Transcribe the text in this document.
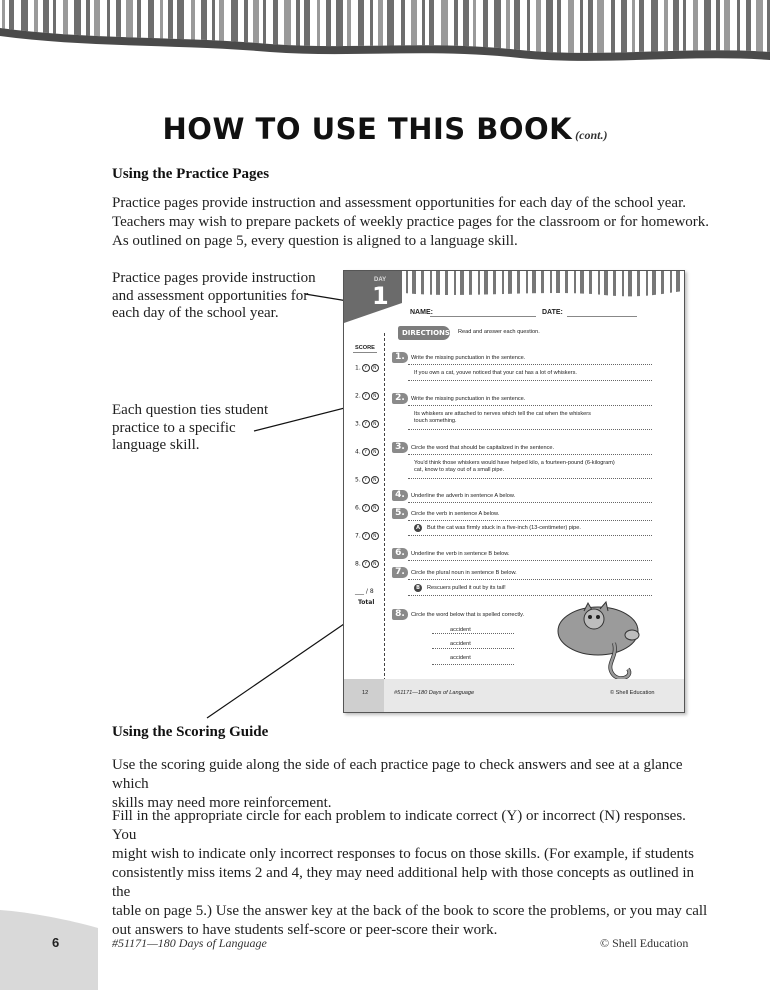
HOW TO USE THIS BOOK (cont.)
Using the Practice Pages
Practice pages provide instruction and assessment opportunities for each day of the school year.
Teachers may wish to prepare packets of weekly practice pages for the classroom or for homework.
As outlined on page 5, every question is aligned to a language skill.
Practice pages provide instruction
and assessment opportunities for
each day of the school year.
Each question ties student
practice to a specific
language skill.
DAY
1
NAME:	DATE:
DIRECTIONS Read and answer each question.
SCORE
1. Y N
2. Y N
3. Y N
4. Y N
5. Y N
6. Y N
7. Y N
8. Y N
___ / 8
Total
1.	Write the missing punctuation in the sentence.
If you own a cat, youve noticed that your cat has a lot of whiskers.
2.	Write the missing punctuation in the sentence.
Its whiskers are attached to nerves which tell the cat when the whiskers
touch something.
3.	Circle the word that should be capitalized in the sentence.
You'd think those whiskers would have helped kilo, a fourteen-pound (6-kilogram)
cat, know to stay out of a small pipe.
4.	Underline the adverb in sentence A below.
5.	Circle the verb in sentence A below.
A	But the cat was firmly stuck in a five-inch (13-centimeter) pipe.
6.	Underline the verb in sentence B below.
7.	Circle the plural noun in sentence B below.
B	Rescuers pulled it out by its tail!
8.	Circle the word below that is spelled correctly.
accident
accident
accident
12	#51171—180 Days of Language	© Shell Education
Using the Scoring Guide
Use the scoring guide along the side of each practice page to check answers and see at a glance which
skills may need more reinforcement.
Fill in the appropriate circle for each problem to indicate correct (Y) or incorrect (N) responses. You
might wish to indicate only incorrect responses to focus on those skills. (For example, if students
consistently miss items 2 and 4, they may need additional help with those concepts as outlined in the
table on page 5.) Use the answer key at the back of the book to score the problems, or you may call
out answers to have students self-score or peer-score their work.
6	#51171—180 Days of Language	© Shell Education
